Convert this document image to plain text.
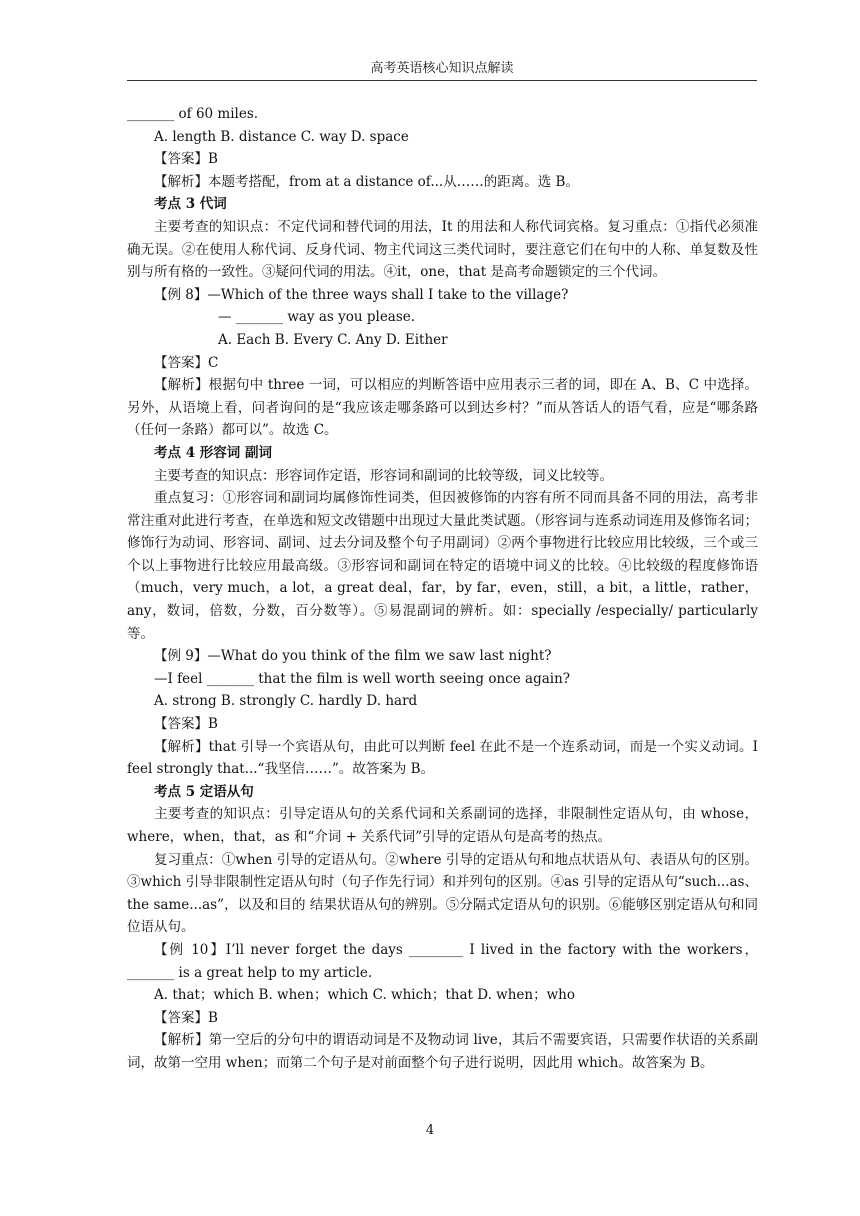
高考英语核心知识点解读

_______ of 60 miles.

A. length B. distance C. way D. space

【答案】B

【解析】本题考搭配，from at a distance of...从……的距离。选 B。

考点 3 代词

主要考查的知识点：不定代词和替代词的用法，It 的用法和人称代词宾格。复习重点：①指代必须准确无误。②在使用人称代词、反身代词、物主代词这三类代词时，要注意它们在句中的人称、单复数及性别与所有格的一致性。③疑问代词的用法。④it，one，that 是高考命题锁定的三个代词。

【例 8】—Which of the three ways shall I take to the village?

— _______ way as you please.

A. Each B. Every C. Any D. Either

【答案】C

【解析】根据句中 three 一词，可以相应的判断答语中应用表示三者的词，即在 A、B、C 中选择。另外，从语境上看，问者询问的是“我应该走哪条路可以到达乡村？”而从答话人的语气看，应是“哪条路（任何一条路）都可以”。故选 C。

考点 4 形容词 副词

主要考查的知识点：形容词作定语，形容词和副词的比较等级，词义比较等。

重点复习：①形容词和副词均属修饰性词类，但因被修饰的内容有所不同而具备不同的用法，高考非常注重对此进行考查，在单选和短文改错题中出现过大量此类试题。（形容词与连系动词连用及修饰名词；修饰行为动词、形容词、副词、过去分词及整个句子用副词）②两个事物进行比较应用比较级，三个或三个以上事物进行比较应用最高级。③形容词和副词在特定的语境中词义的比较。④比较级的程度修饰语（much，very much，a lot，a great deal，far，by far，even，still，a bit，a little，rather，any，数词，倍数，分数，百分数等）。⑤易混副词的辨析。如：specially /especially/ particularly 等。

【例 9】—What do you think of the film we saw last night?

—I feel _______ that the film is well worth seeing once again?

A. strong B. strongly C. hardly D. hard

【答案】B

【解析】that 引导一个宾语从句，由此可以判断 feel 在此不是一个连系动词，而是一个实义动词。I feel strongly that...“我坚信……”。故答案为 B。

考点 5 定语从句

主要考查的知识点：引导定语从句的关系代词和关系副词的选择，非限制性定语从句，由 whose，where，when，that，as 和“介词 + 关系代词”引导的定语从句是高考的热点。

复习重点：①when 引导的定语从句。②where 引导的定语从句和地点状语从句、表语从句的区别。③which 引导非限制性定语从句时（句子作先行词）和并列句的区别。④as 引导的定语从句“such...as、the same...as”，以及和目的 结果状语从句的辨别。⑤分隔式定语从句的识别。⑥能够区别定语从句和同位语从句。

【例 10】I’ll never forget the days ________ I lived in the factory with the workers，_______ is a great help to my article.

A. that；which B. when；which C. which；that D. when；who

【答案】B

【解析】第一空后的分句中的谓语动词是不及物动词 live，其后不需要宾语，只需要作状语的关系副词，故第一空用 when；而第二个句子是对前面整个句子进行说明，因此用 which。故答案为 B。

4
